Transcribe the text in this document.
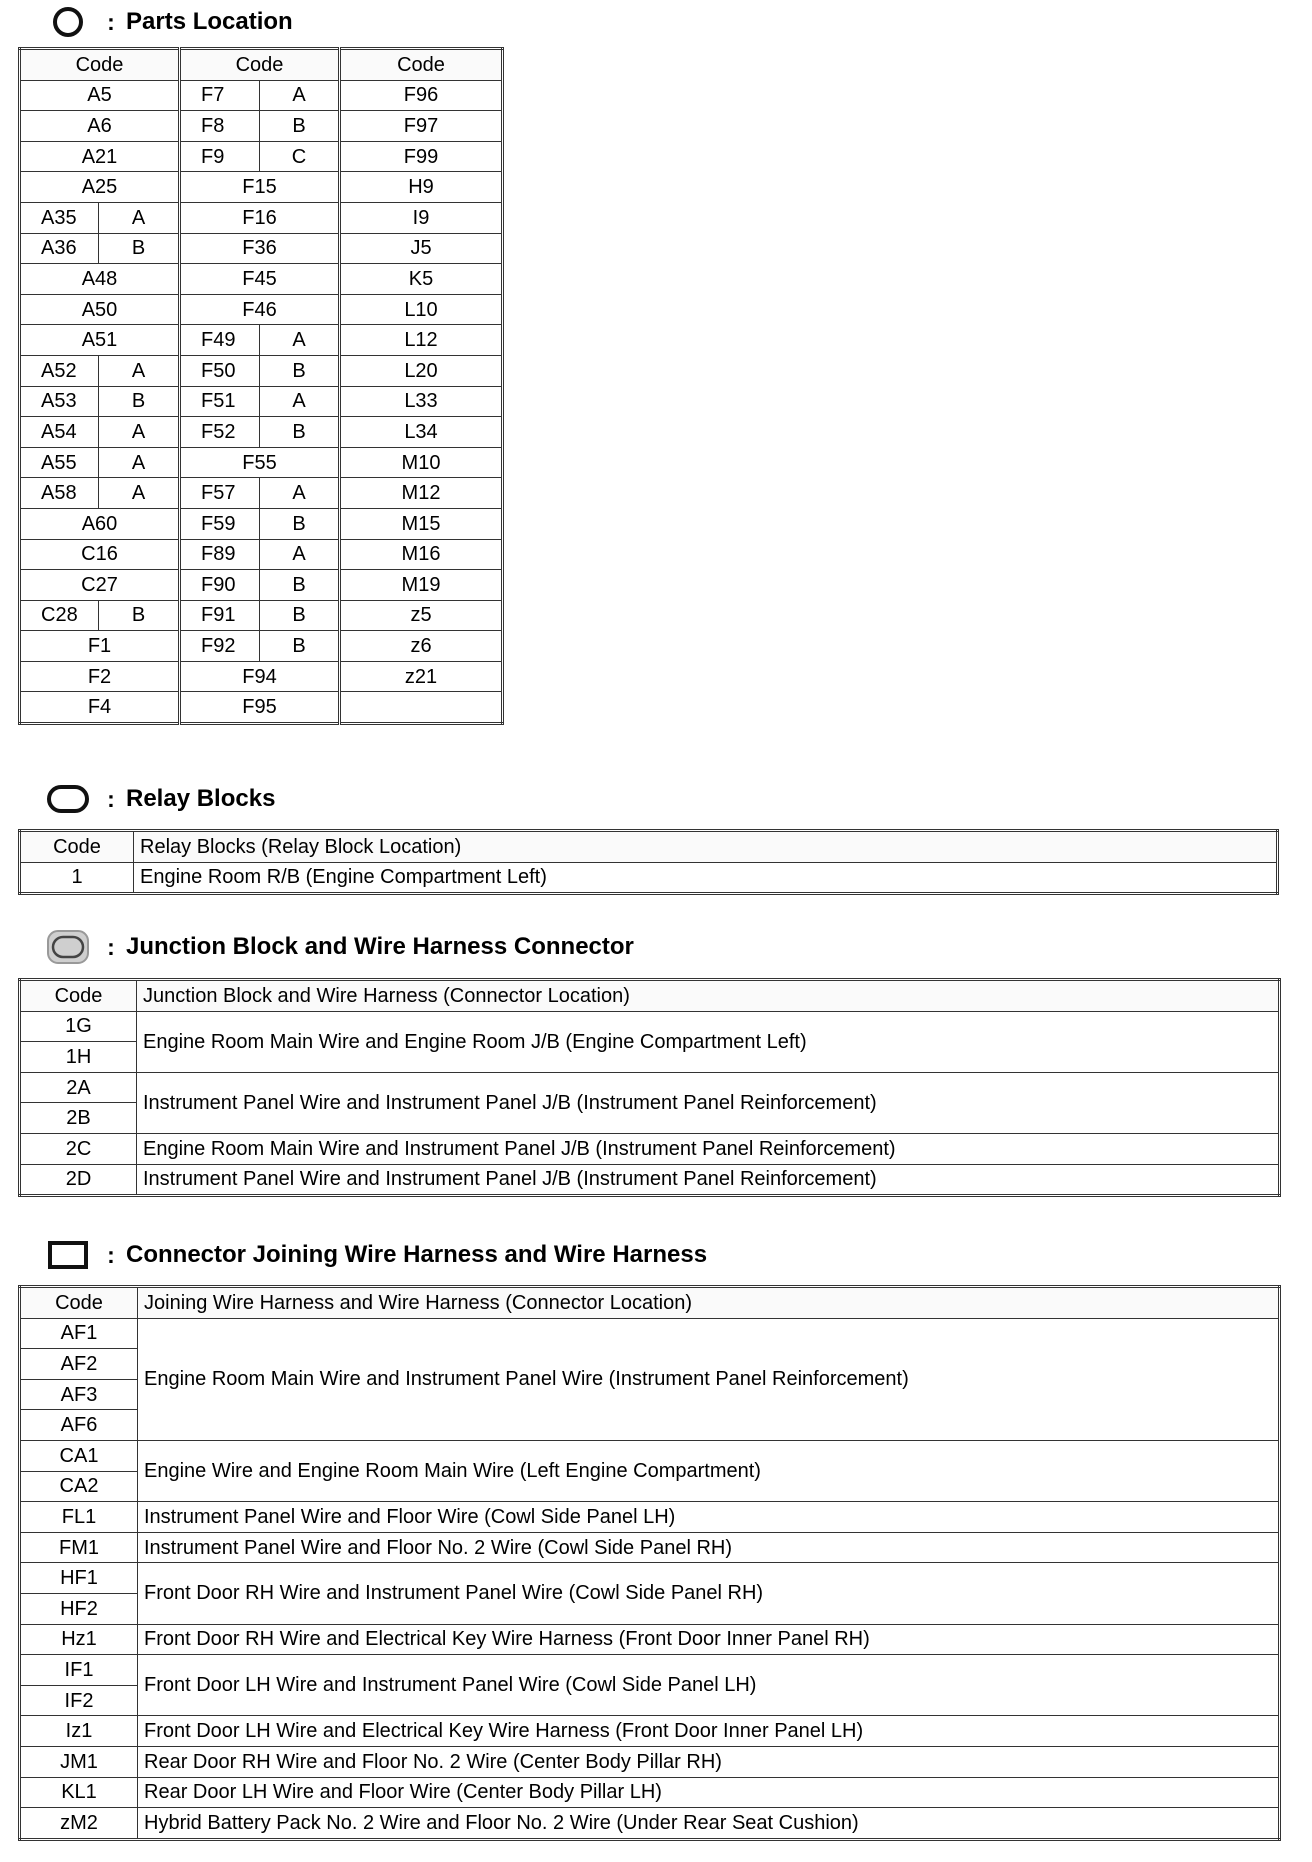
: Parts Location
Code		Code		Code
A5		F7	A	F96
A6		F8	B	F97
A21		F9	C	F99
A25		F15		H9
A35	A	F16		I9
A36	B	F36		J5
A48		F45		K5
A50		F46		L10
A51		F49	A	L12
A52	A	F50	B	L20
A53	B	F51	A	L33
A54	A	F52	B	L34
A55	A	F55		M10
A58	A	F57	A	M12
A60		F59	B	M15
C16		F89	A	M16
C27		F90	B	M19
C28	B	F91	B	z5
F1		F92	B	z6
F2		F94		z21
F4		F95		
: Relay Blocks
Code	Relay Blocks (Relay Block Location)
1	Engine Room R/B (Engine Compartment Left)
: Junction Block and Wire Harness Connector
Code	Junction Block and Wire Harness (Connector Location)
1G	Engine Room Main Wire and Engine Room J/B (Engine Compartment Left)
1H	
2A	Instrument Panel Wire and Instrument Panel J/B (Instrument Panel Reinforcement)
2B	
2C	Engine Room Main Wire and Instrument Panel J/B (Instrument Panel Reinforcement)
2D	Instrument Panel Wire and Instrument Panel J/B (Instrument Panel Reinforcement)
: Connector Joining Wire Harness and Wire Harness
Code	Joining Wire Harness and Wire Harness (Connector Location)
AF1	Engine Room Main Wire and Instrument Panel Wire (Instrument Panel Reinforcement)
AF2	
AF3	
AF6	
CA1	Engine Wire and Engine Room Main Wire (Left Engine Compartment)
CA2	
FL1	Instrument Panel Wire and Floor Wire (Cowl Side Panel LH)
FM1	Instrument Panel Wire and Floor No. 2 Wire (Cowl Side Panel RH)
HF1	Front Door RH Wire and Instrument Panel Wire (Cowl Side Panel RH)
HF2	
Hz1	Front Door RH Wire and Electrical Key Wire Harness (Front Door Inner Panel RH)
IF1	Front Door LH Wire and Instrument Panel Wire (Cowl Side Panel LH)
IF2	
Iz1	Front Door LH Wire and Electrical Key Wire Harness (Front Door Inner Panel LH)
JM1	Rear Door RH Wire and Floor No. 2 Wire (Center Body Pillar RH)
KL1	Rear Door LH Wire and Floor Wire (Center Body Pillar LH)
zM2	Hybrid Battery Pack No. 2 Wire and Floor No. 2 Wire (Under Rear Seat Cushion)
